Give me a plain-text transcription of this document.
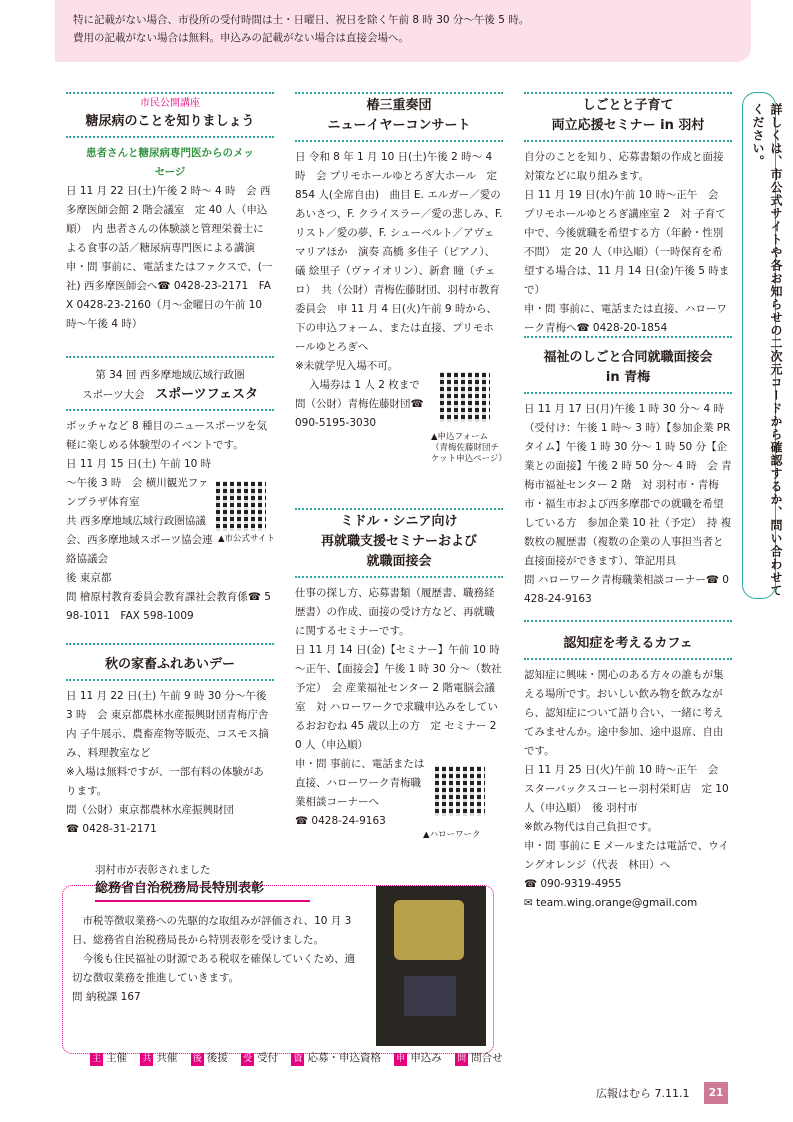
特に記載がない場合、市役所の受付時間は土・日曜日、祝日を除く午前 8 時 30 分～午後 5 時。

費用の記載がない場合は無料。申込みの記載がない場合は直接会場へ。

市民公開講座
糖尿病のことを知りましょう
患者さんと糖尿病専門医からのメッセージ
日 11 月 22 日(土)午後 2 時～ 4 時　会 西多摩医師会館 2 階会議室　定 40 人（申込順）　内 患者さんの体験談と管理栄養士による食事の話／糖尿病専門医による講演
申・問 事前に、電話またはファクスで、(一社) 西多摩医師会へ☎ 0428-23-2171　FAX 0428-23-2160（月～金曜日の午前 10 時～午後 4 時）
第 34 回 西多摩地域広域行政圏
スポーツ大会　 スポーツフェスタ
ボッチャなど 8 種目のニュースポーツを気軽に楽しめる体験型のイベントです。
日 11 月 15 日(土) 午前 10 時～午後 3 時　会 横川観光ファンプラザ体育室
共 西多摩地域広域行政圏協議会、西多摩地域スポーツ協会連絡協議会
後 東京都
問 檜原村教育委員会教育課社会教育係☎ 598-1011　FAX 598-1009
▲市公式サイト
秋の家畜ふれあいデー
日 11 月 22 日(土) 午前 9 時 30 分～午後 3 時　会 東京都農林水産振興財団青梅庁舎　内 子牛展示、農畜産物等販売、コスモス摘み、料理教室など
※入場は無料ですが、一部有料の体験があります。
問（公財）東京都農林水産振興財団
☎ 0428-31-2171
椿三重奏団
ニューイヤーコンサート
日 令和 8 年 1 月 10 日(土)午後 2 時～ 4 時　会 プリモホールゆとろぎ大ホール　定 854 人(全席自由)　曲目 E. エルガー／愛のあいさつ、F. クライスラー／愛の悲しみ、F. リスト／愛の夢、F. シューベルト／アヴェマリアほか　演奏 高橋 多佳子（ピアノ）、礒 絵里子（ヴァイオリン）、新倉 瞳（チェロ）　共（公財）青梅佐藤財団、羽村市教育委員会　申 11 月 4 日(火)午前 9 時から、下の申込フォーム、または直接、プリモホールゆとろぎへ
※未就学児入場不可。
入場券は 1 人 2 枚まで
問（公財）青梅佐藤財団☎ 090-5195-3030
▲申込フォーム（青梅佐藤財団チケット申込ページ）
ミドル・シニア向け
再就職支援セミナーおよび
就職面接会
仕事の探し方、応募書類（履歴書、職務経歴書）の作成、面接の受け方など、再就職に関するセミナーです。
日 11 月 14 日(金)【セミナー】午前 10 時～正午、【面接会】午後 1 時 30 分～（数社予定）　会 産業福祉センター 2 階電脳会議室　対 ハローワークで求職申込みをしているおおむね 45 歳以上の方　定 セミナー 20 人（申込順）
申・問 事前に、電話または直接、ハローワーク青梅職業相談コーナーへ
☎ 0428-24-9163
▲ハローワーク
しごとと子育て
両立応援セミナー in 羽村
自分のことを知り、応募書類の作成と面接対策などに取り組みます。
日 11 月 19 日(水)午前 10 時～正午　会 プリモホールゆとろぎ講座室 2　対 子育て中で、今後就職を希望する方（年齢・性別不問）　定 20 人（申込順）（一時保育を希望する場合は、11 月 14 日(金)午後 5 時まで）
申・問 事前に、電話または直接、ハローワーク青梅へ☎ 0428-20-1854
福祉のしごと合同就職面接会
in 青梅
日 11 月 17 日(月)午後 1 時 30 分～ 4 時（受付け：午後 1 時～ 3 時）【参加企業 PR タイム】午後 1 時 30 分～ 1 時 50 分【企業との面接】午後 2 時 50 分～ 4 時　会 青梅市福祉センター 2 階　対 羽村市・青梅市・福生市および西多摩郡での就職を希望している方　参加企業 10 社（予定）　持 複数枚の履歴書（複数の企業の人事担当者と直接面接ができます）、筆記用具
問 ハローワーク青梅職業相談コーナー☎ 0428-24-9163
認知症を考えるカフェ
認知症に興味・関心のある方々の誰もが集える場所です。おいしい飲み物を飲みながら、認知症について語り合い、一緒に考えてみませんか。途中参加、途中退席、自由です。
日 11 月 25 日(火)午前 10 時～正午　会 スターバックスコーヒー羽村栄町店　定 10 人（申込順）　後 羽村市
※飲み物代は自己負担です。
申・問 事前に E メールまたは電話で、ウイングオレンジ（代表　林田）へ
☎ 090-9319-4955
✉ team.wing.orange@gmail.com
詳しくは、市公式サイトや各お知らせの二次元コードから確認するか、問い合わせてください。
羽村市が表彰されました
総務省自治税務局長特別表彰
市税等徴収業務への先駆的な取組みが評価され、10 月 3 日、総務省自治税務局長から特別表彰を受けました。
今後も住民福祉の財源である税収を確保していくため、適切な徴収業務を推進していきます。
問 納税課 167
主 主催 共 共催 後 後援 受 受付 資 応募・申込資格 申 申込み 問 問合せ
広報はむら 7.11.1	21
